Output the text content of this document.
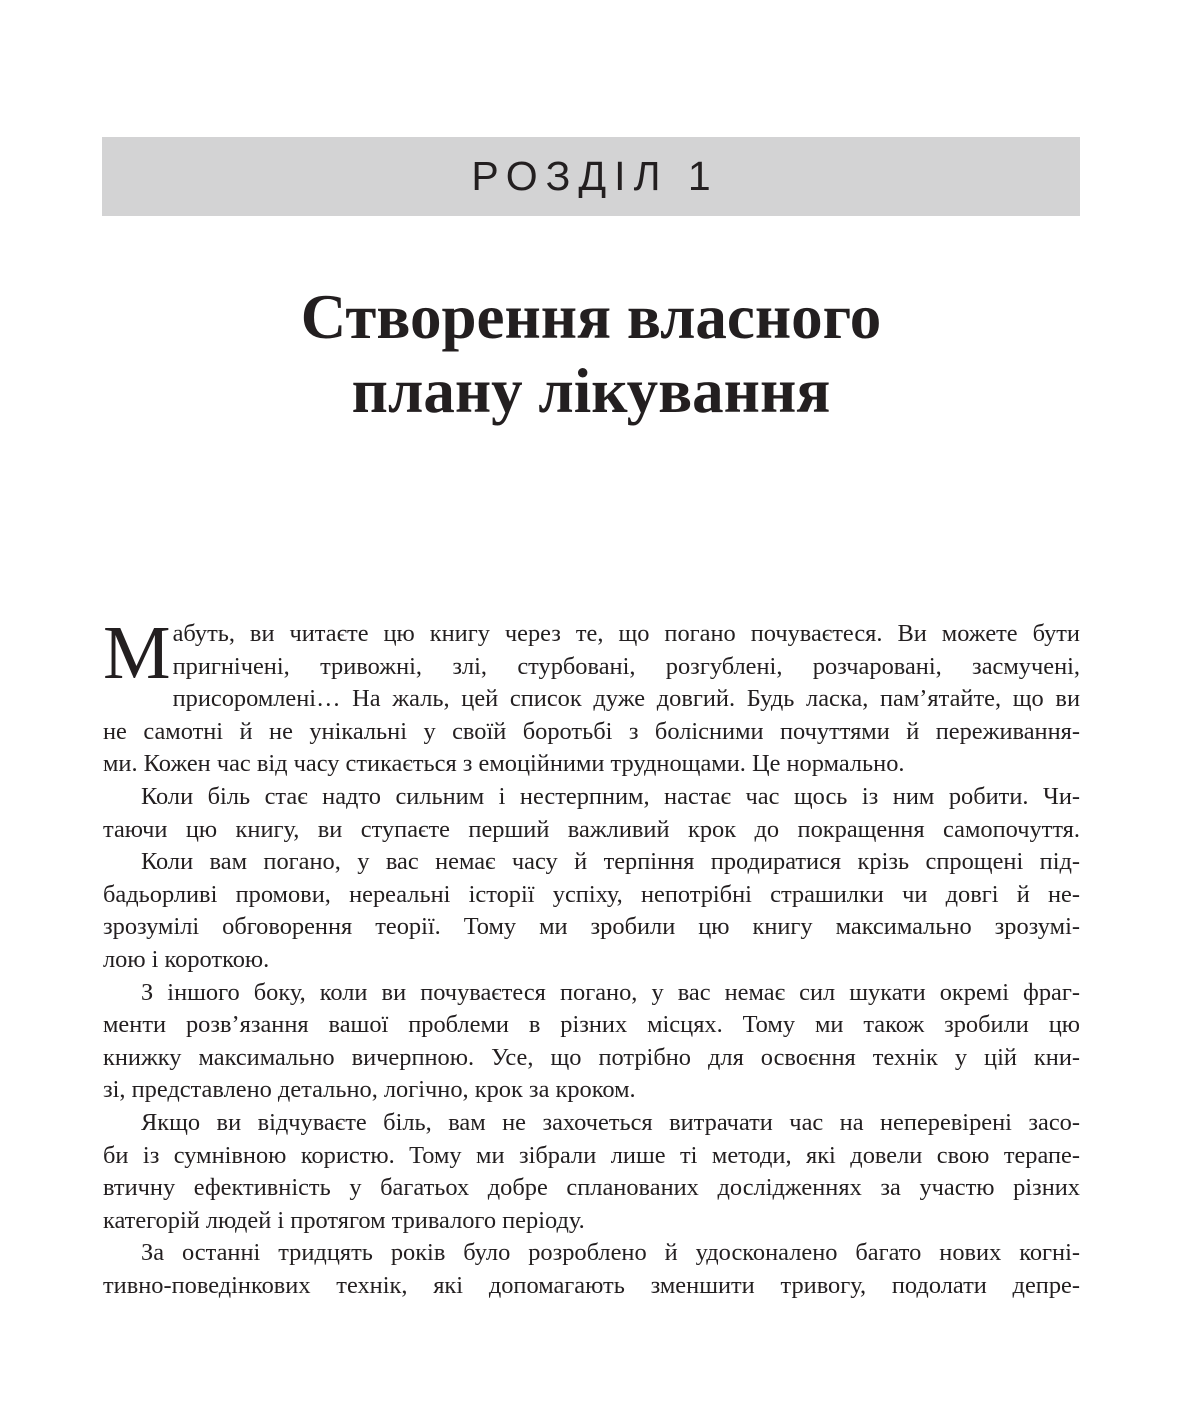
РОЗДІЛ 1
Створення власного
плану лікування
М абуть, ви читаєте цю книгу через те, що погано почуваєтеся. Ви можете бути
пригнічені, тривожні, злі, стурбовані, розгублені, розчаровані, засмучені,
присоромлені… На жаль, цей список дуже довгий. Будь ласка, пам’ятайте, що ви
не самотні й не унікальні у своїй боротьбі з болісними почуттями й переживання-
ми. Кожен час від часу стикається з емоційними труднощами. Це нормально.
Коли біль стає надто сильним і нестерпним, настає час щось із ним робити. Чи-
таючи цю книгу, ви ступаєте перший важливий крок до покращення самопочуття.
Коли вам погано, у вас немає часу й терпіння продиратися крізь спрощені під-
бадьорливі промови, нереальні історії успіху, непотрібні страшилки чи довгі й не-
зрозумілі обговорення теорії. Тому ми зробили цю книгу максимально зрозумі-
лою і короткою.
З іншого боку, коли ви почуваєтеся погано, у вас немає сил шукати окремі фраг-
менти розв’язання вашої проблеми в різних місцях. Тому ми також зробили цю
книжку максимально вичерпною. Усе, що потрібно для освоєння технік у цій кни-
зі, представлено детально, логічно, крок за кроком.
Якщо ви відчуваєте біль, вам не захочеться витрачати час на неперевірені засо-
би із сумнівною користю. Тому ми зібрали лише ті методи, які довели свою терапе-
втичну ефективність у багатьох добре спланованих дослідженнях за участю різних
категорій людей і протягом тривалого періоду.
За останні тридцять років було розроблено й удосконалено багато нових когні-
тивно-поведінкових технік, які допомагають зменшити тривогу, подолати депре-
